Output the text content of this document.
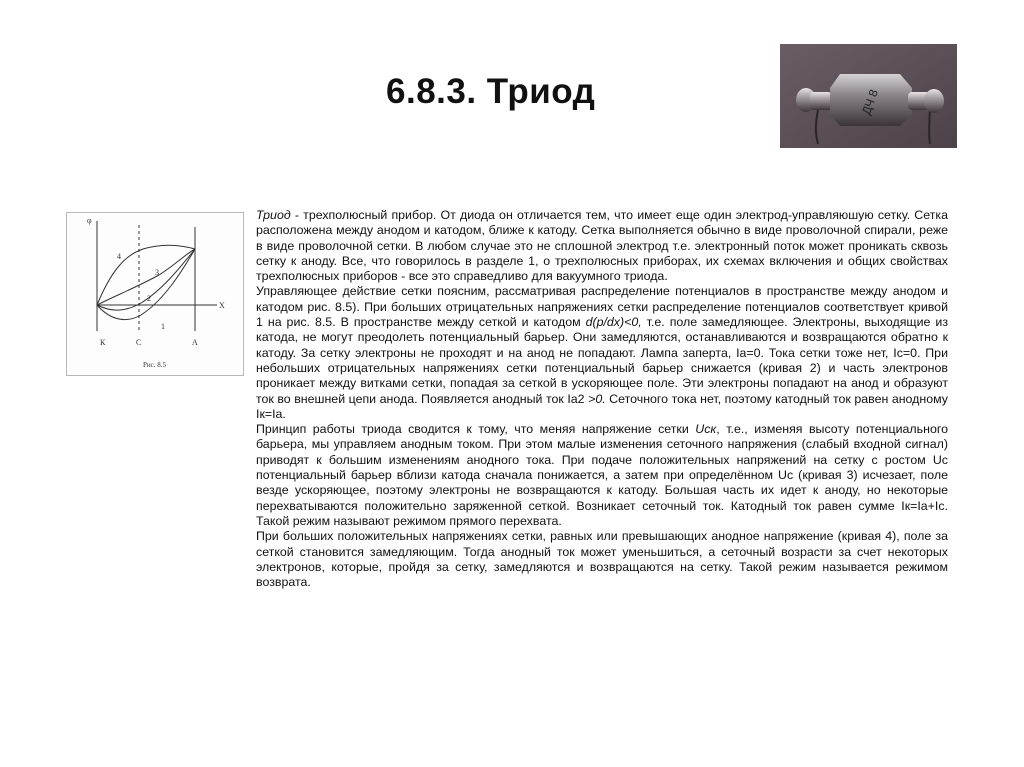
6.8.3. Триод	ДЧ 8
φ
X
4
3
2
1
К	С	А
Рис. 8.5

Триод - трехполюсный прибор. От диода он отличается тем, что имеет еще один электрод-управляюшую сетку. Сетка расположена между анодом и катодом, ближе к катоду. Сетка выполняется обычно в виде проволочной спирали, реже в виде проволочной сетки. В любом случае это не сплошной электрод т.е. электронный поток может проникать сквозь сетку к аноду. Все, что говорилось в разделе 1, о трехполюсных приборах, их схемах включения и общих свойствах трехполюсных приборов - все это справедливо для вакуумного триода.

Управляющее действие сетки поясним, рассматривая распределение потенциалов в пространстве между анодом и катодом рис. 8.5). При больших отрицательных напряжениях сетки распределение потенциалов соответствует кривой 1 на рис. 8.5. В пространстве между сеткой и катодом d(p/dx)<0, т.е. поле замедляющее. Электроны, выходящие из катода, не могут преодолеть потенциальный барьер. Они замедляются, останавливаются и возвращаются обратно к катоду. За сетку электроны не проходят и на анод не попадают. Лампа заперта, Iа=0. Тока сетки тоже нет, Iс=0. При небольших отрицательных напряжениях сетки потенциальный барьер снижается (кривая 2) и часть электронов проникает между витками сетки, попадая за сеткой в ускоряющее поле. Эти электроны попадают на анод и образуют ток во внешней цепи анода. Появляется анодный ток Iа2 >0. Сеточного тока нет, поэтому катодный ток равен анодному Iк=Iа.

Принцип работы триода сводится к тому, что меняя напряжение сетки Uск, т.е., изменяя высоту потенциального барьера, мы управляем анодным током. При этом малые изменения сеточного напряжения (слабый входной сигнал) приводят к большим изменениям анодного тока. При подаче положительных напряжений на сетку с ростом Uс потенциальный барьер вблизи катода сначала понижается, а затем при определённом Uс (кривая 3) исчезает, поле везде ускоряющее, поэтому электроны не возвращаются к катоду. Большая часть их идет к аноду, но некоторые перехватываются положительно заряженной сеткой. Возникает сеточный ток. Катодный ток равен сумме Iк=Iа+Iс. Такой режим называют режимом прямого перехвата.

При больших положительных напряжениях сетки, равных или превышающих анодное напряжение (кривая 4), поле за сеткой становится замедляющим. Тогда анодный ток может уменьшиться, а сеточный возрасти за счет некоторых электронов, которые, пройдя за сетку, замедляются и возвращаются на сетку. Такой режим называется режимом возврата.
